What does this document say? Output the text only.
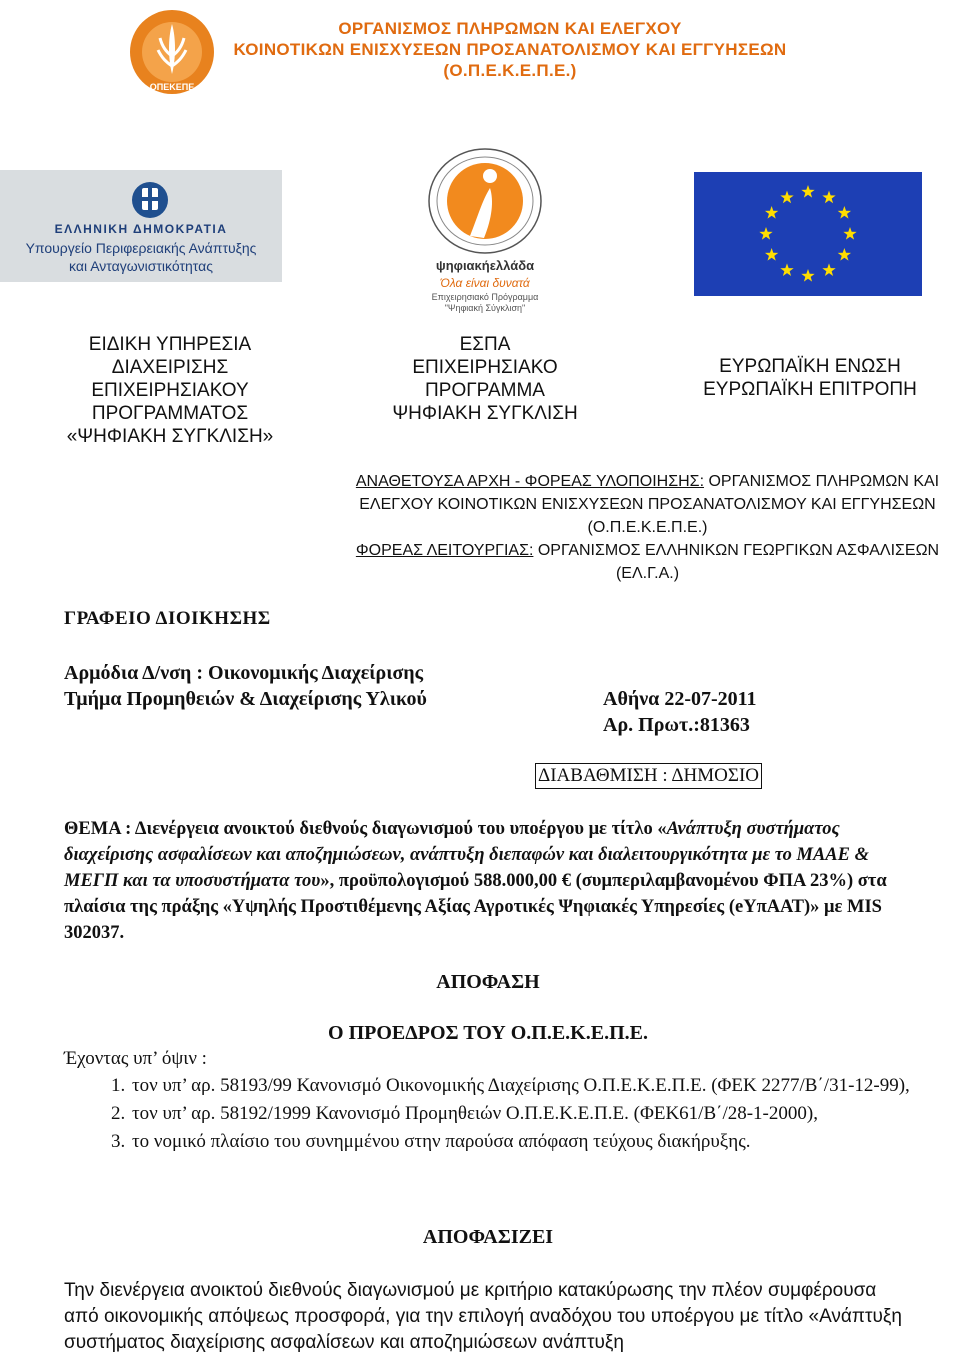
ΟΠΕΚΕΠΕ
ΟΡΓΑΝΙΣΜΟΣ ΠΛΗΡΩΜΩΝ ΚΑΙ ΕΛΕΓΧΟΥ
ΚΟΙΝΟΤΙΚΩΝ ΕΝΙΣΧΥΣΕΩΝ ΠΡΟΣΑΝΑΤΟΛΙΣΜΟΥ ΚΑΙ ΕΓΓΥΗΣΕΩΝ
(Ο.Π.Ε.Κ.Ε.Π.Ε.)
ΕΛΛΗΝΙΚΗ ΔΗΜΟΚΡΑΤΙΑ
Υπουργείο Περιφερειακής Ανάπτυξης
και Ανταγωνιστικότητας	ψηφιακήελλάδα
Όλα είναι δυνατά
Επιχειρησιακό Πρόγραμμα
"Ψηφιακή Σύγκλιση"
ΕΙΔΙΚΗ ΥΠΗΡΕΣΙΑ
ΔΙΑΧΕΙΡΙΣΗΣ
ΕΠΙΧΕΙΡΗΣΙΑΚΟΥ
ΠΡΟΓΡΑΜΜΑΤΟΣ
«ΨΗΦΙΑΚΗ ΣΥΓΚΛΙΣΗ»
ΕΣΠΑ
ΕΠΙΧΕΙΡΗΣΙΑΚΟ
ΠΡΟΓΡΑΜΜΑ
ΨΗΦΙΑΚΗ ΣΥΓΚΛΙΣΗ
ΕΥΡΩΠΑΪΚΗ ΕΝΩΣΗ
ΕΥΡΩΠΑΪΚΗ ΕΠΙΤΡΟΠΗ
ΑΝΑΘΕΤΟΥΣΑ ΑΡΧΗ - ΦΟΡΕΑΣ ΥΛΟΠΟΙΗΣΗΣ: ΟΡΓΑΝΙΣΜΟΣ ΠΛΗΡΩΜΩΝ ΚΑΙ ΕΛΕΓΧΟΥ ΚΟΙΝΟΤΙΚΩΝ ΕΝΙΣΧΥΣΕΩΝ ΠΡΟΣΑΝΑΤΟΛΙΣΜΟΥ ΚΑΙ ΕΓΓΥΗΣΕΩΝ (Ο.Π.Ε.Κ.Ε.Π.Ε.)
ΦΟΡΕΑΣ ΛΕΙΤΟΥΡΓΙΑΣ: ΟΡΓΑΝΙΣΜΟΣ ΕΛΛΗΝΙΚΩΝ ΓΕΩΡΓΙΚΩΝ ΑΣΦΑΛΙΣΕΩΝ (ΕΛ.Γ.Α.)
ΓΡΑΦΕΙΟ ΔΙΟΙΚΗΣΗΣ
Αρμόδια Δ/νση : Οικονομικής Διαχείρισης
Τμήμα Προμηθειών & Διαχείρισης Υλικού	Αθήνα 22-07-2011
Αρ. Πρωτ.:81363
ΔΙΑΒΑΘΜΙΣΗ : ΔΗΜΟΣΙΟ
ΘΕΜΑ : Διενέργεια ανοικτού διεθνούς διαγωνισμού του υποέργου με τίτλο «Ανάπτυξη συστήματος διαχείρισης ασφαλίσεων και αποζημιώσεων, ανάπτυξη διεπαφών και διαλειτουργικότητα με το ΜΑΑΕ & ΜΕΓΠ και τα υποσυστήματα του», προϋπολογισμού 588.000,00 € (συμπεριλαμβανομένου ΦΠΑ 23%) στα πλαίσια της πράξης «Υψηλής Προστιθέμενης Αξίας Αγροτικές Ψηφιακές Υπηρεσίες (eΥπΑΑΤ)» με MIS 302037.
ΑΠΟΦΑΣΗ
Ο ΠΡΟΕΔΡΟΣ ΤΟΥ Ο.Π.Ε.Κ.Ε.Π.Ε.
Έχοντας υπ’ όψιν :
1. τον υπ’ αρ. 58193/99 Κανονισμό Οικονομικής Διαχείρισης Ο.Π.Ε.Κ.Ε.Π.Ε. (ΦΕΚ 2277/Β΄/31-12-99),
2. τον υπ’ αρ. 58192/1999 Κανονισμό Προμηθειών Ο.Π.Ε.Κ.Ε.Π.Ε. (ΦΕΚ61/Β΄/28-1-2000),
3. το νομικό πλαίσιο του συνημμένου στην παρούσα απόφαση τεύχους διακήρυξης.
ΑΠΟΦΑΣΙΖΕΙ
Την διενέργεια ανοικτού διεθνούς διαγωνισμού με κριτήριο κατακύρωσης την πλέον συμφέρουσα από οικονομικής απόψεως προσφορά, για την επιλογή αναδόχου του υποέργου με τίτλο «Ανάπτυξη συστήματος διαχείρισης ασφαλίσεων και αποζημιώσεων ανάπτυξη
